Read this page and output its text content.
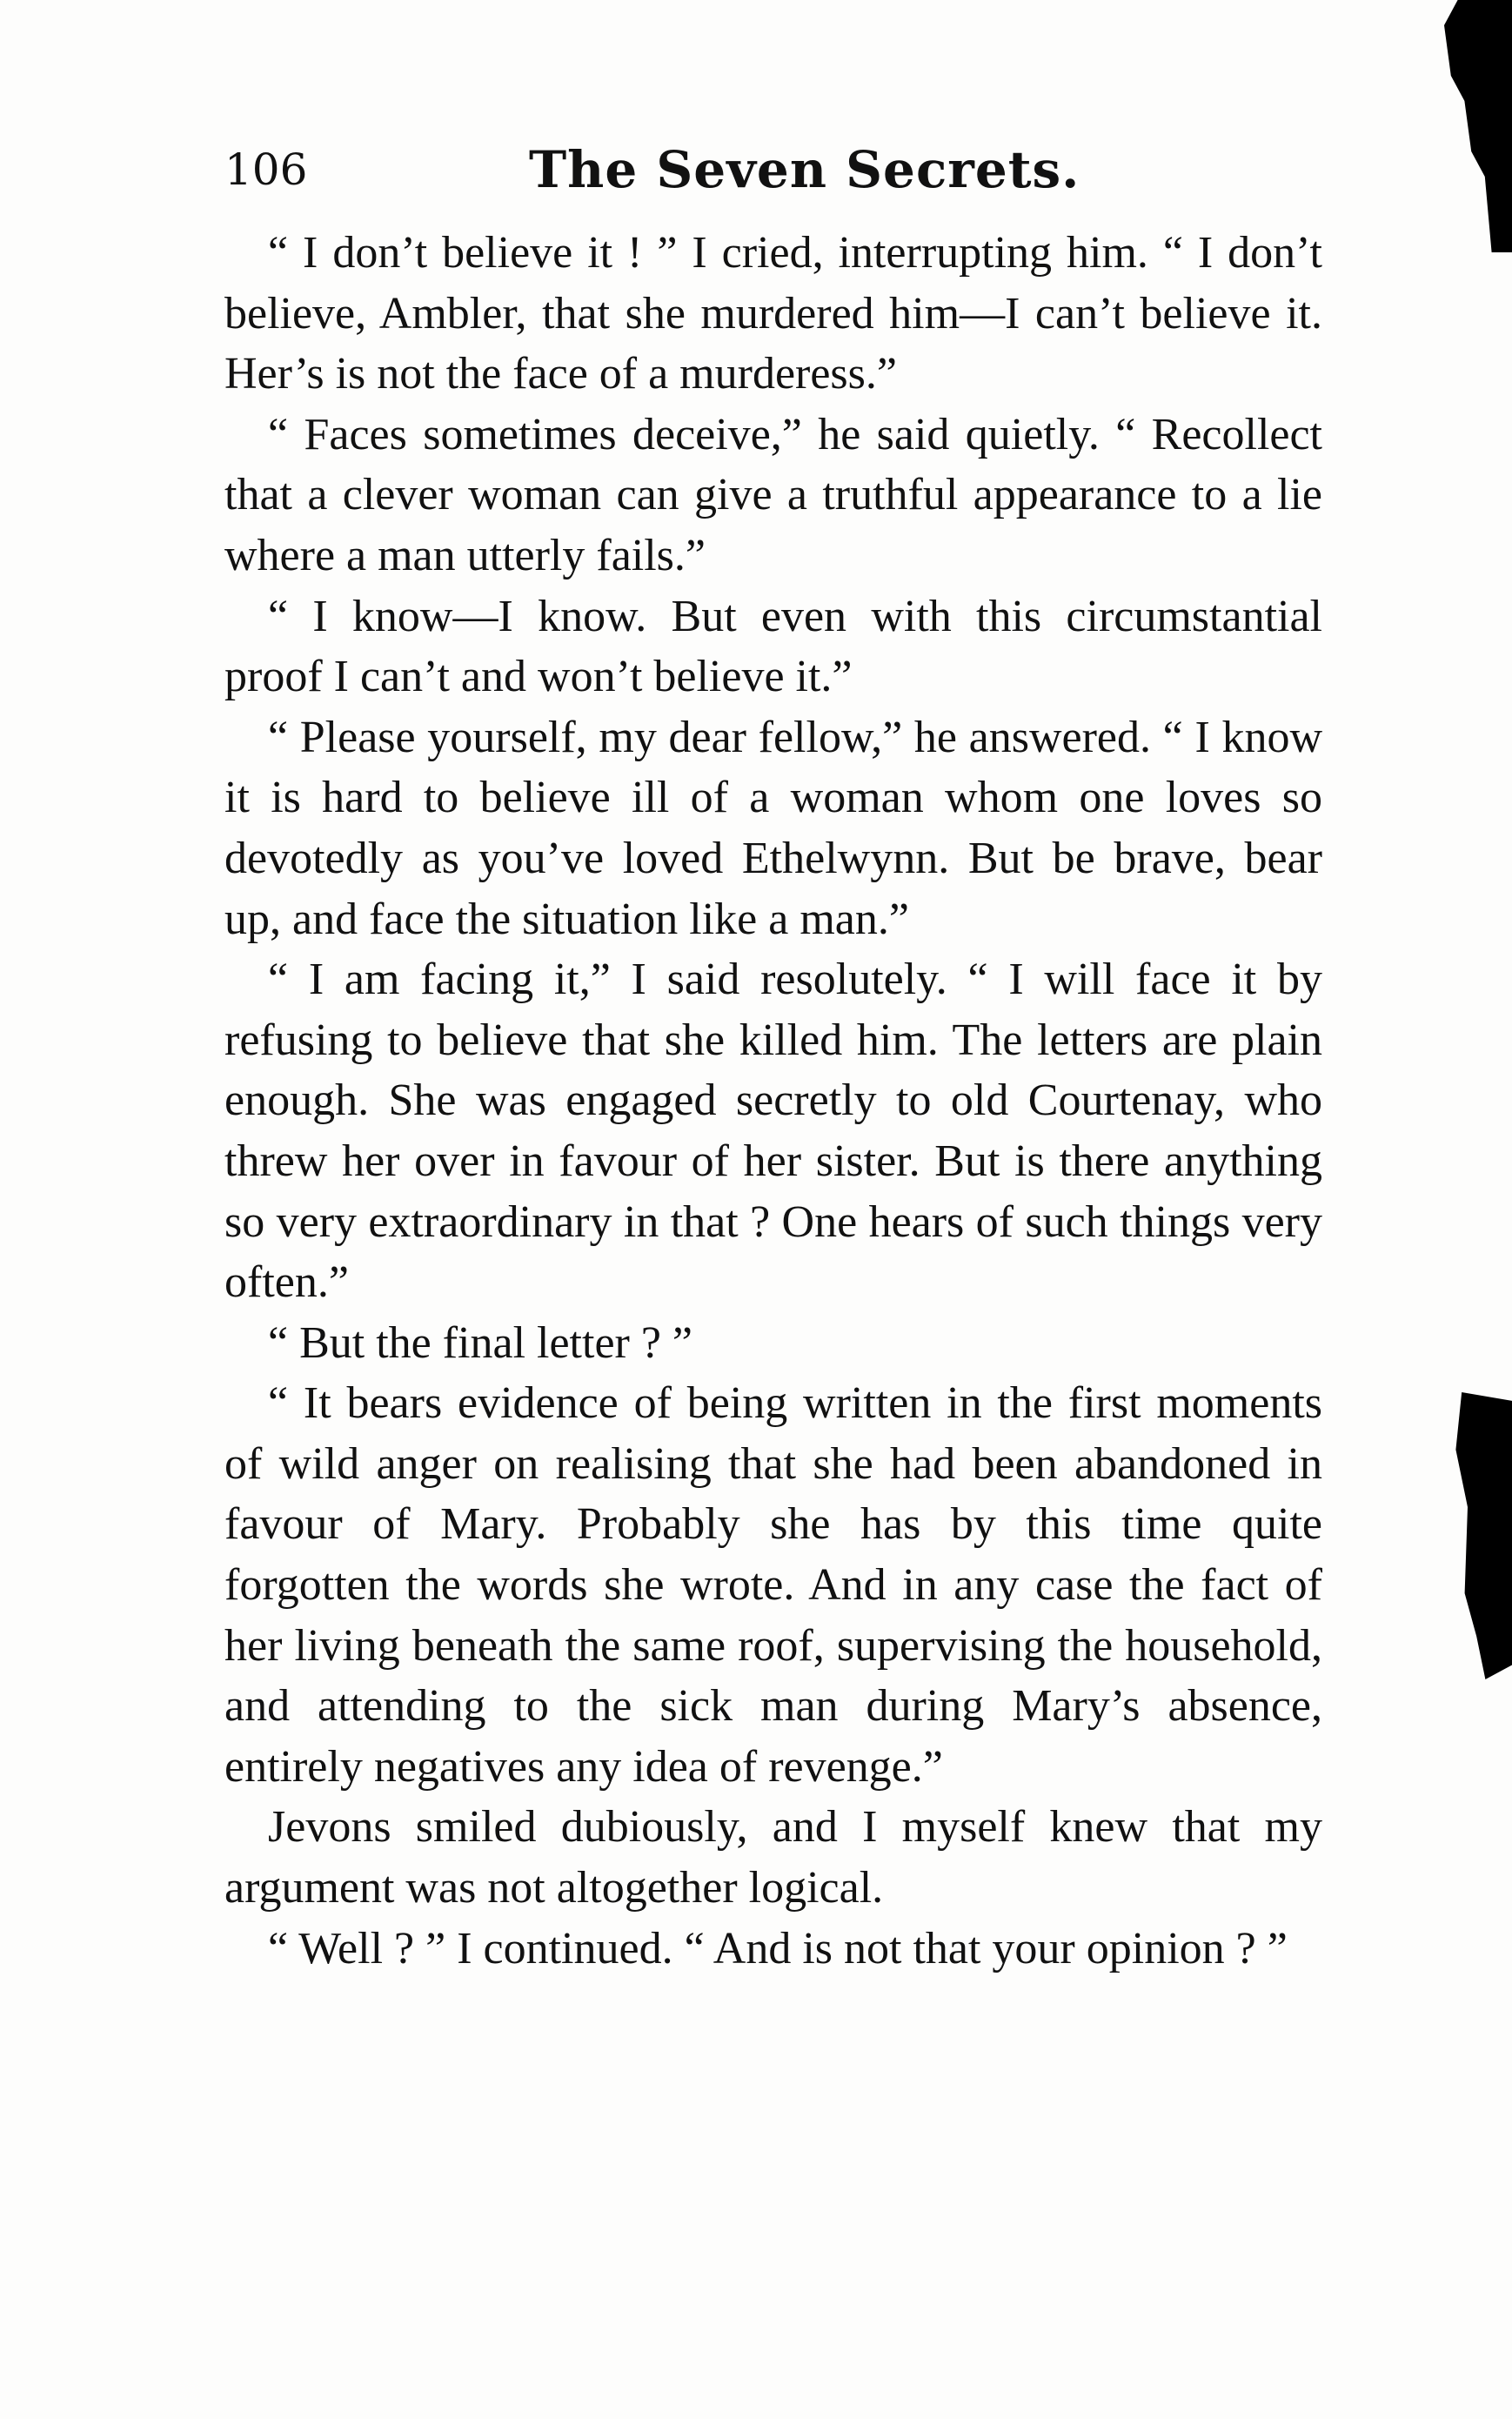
106	The Seven Secrets.

“ I don’t believe it ! ” I cried, interrupting him. “ I don’t believe, Ambler, that she murdered him—I can’t believe it. Her’s is not the face of a murderess.”

“ Faces sometimes deceive,” he said quietly. “ Recollect that a clever woman can give a truthful appearance to a lie where a man utterly fails.”

“ I know—I know. But even with this circumstantial proof I can’t and won’t believe it.”

“ Please yourself, my dear fellow,” he answered. “ I know it is hard to believe ill of a woman whom one loves so devotedly as you’ve loved Ethelwynn. But be brave, bear up, and face the situation like a man.”

“ I am facing it,” I said resolutely. “ I will face it by refusing to believe that she killed him. The letters are plain enough. She was engaged secretly to old Courtenay, who threw her over in favour of her sister. But is there anything so very extraordinary in that ? One hears of such things very often.”

“ But the final letter ? ”

“ It bears evidence of being written in the first moments of wild anger on realising that she had been abandoned in favour of Mary. Probably she has by this time quite forgotten the words she wrote. And in any case the fact of her living beneath the same roof, supervising the household, and attending to the sick man during Mary’s absence, entirely negatives any idea of revenge.”

Jevons smiled dubiously, and I myself knew that my argument was not altogether logical.

“ Well ? ” I continued. “ And is not that your opinion ? ”
